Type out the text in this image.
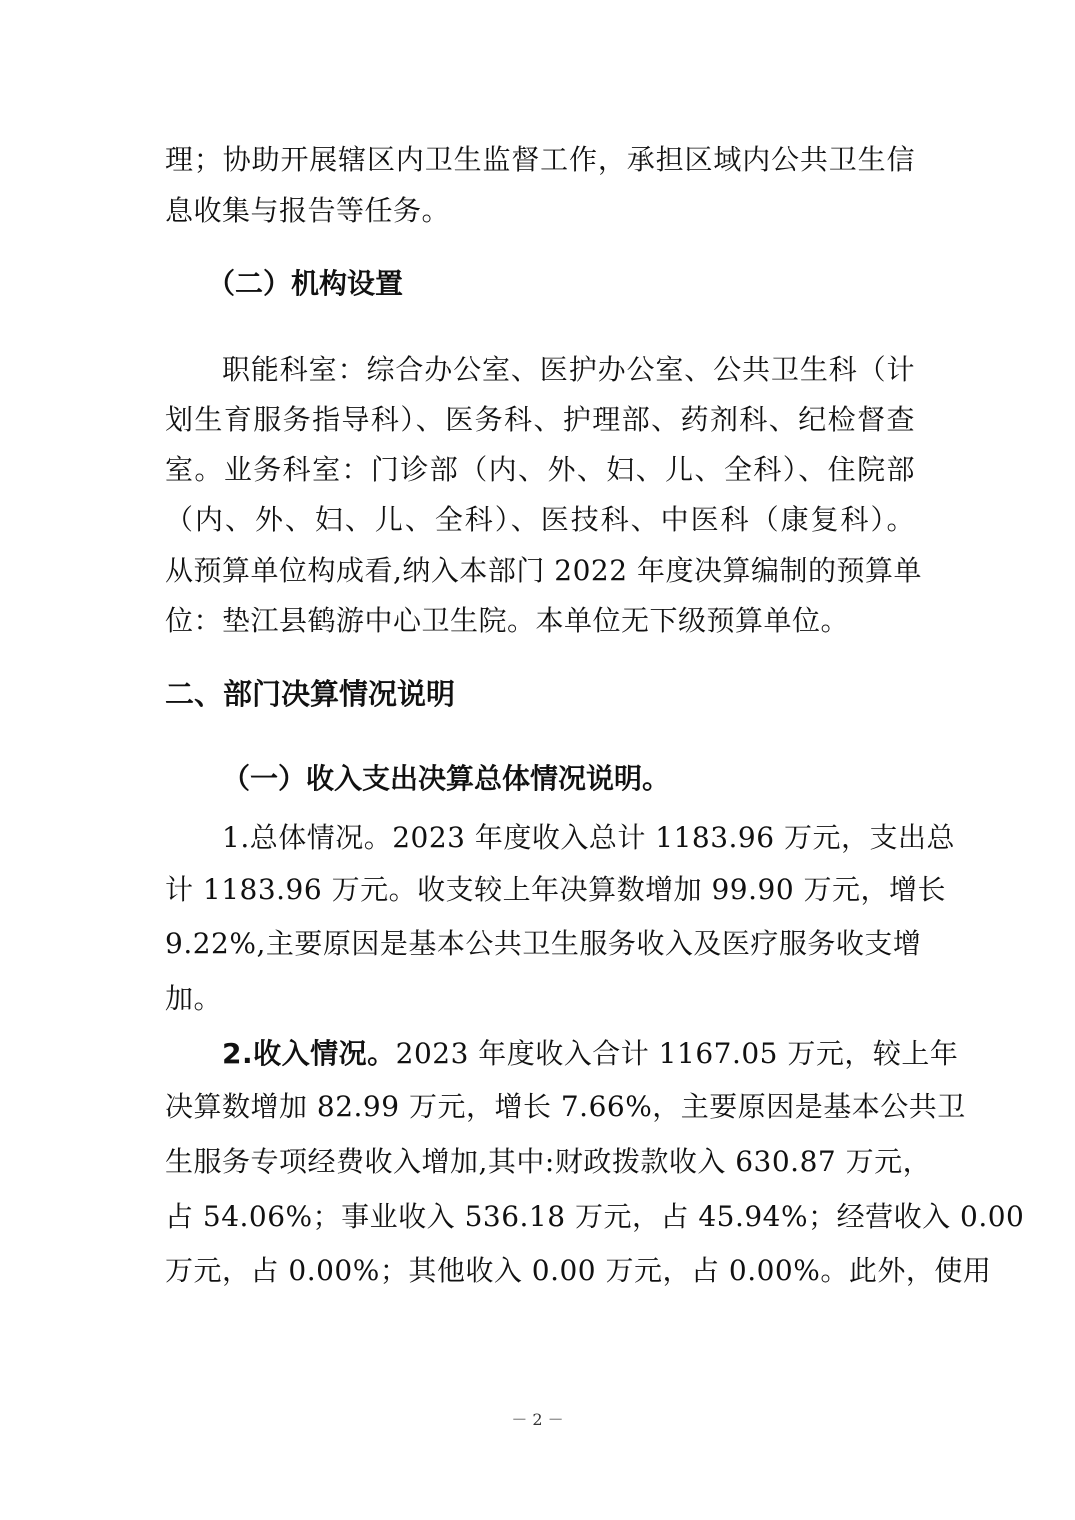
理；协助开展辖区内卫生监督工作，承担区域内公共卫生信
息收集与报告等任务。
（二）机构设置
职能科室：综合办公室、医护办公室、公共卫生科（计
划生育服务指导科）、医务科、护理部、药剂科、纪检督查
室。业务科室：门诊部（内、外、妇、儿、全科）、住院部
（内、外、妇、儿、全科）、医技科、中医科（康复科）。
从预算单位构成看,纳入本部门 2022 年度决算编制的预算单
位：垫江县鹤游中心卫生院。本单位无下级预算单位。
二、部门决算情况说明
（一）收入支出决算总体情况说明。
1.总体情况。2023 年度收入总计 1183.96 万元，支出总
计 1183.96 万元。收支较上年决算数增加 99.90 万元，增长
9.22%,主要原因是基本公共卫生服务收入及医疗服务收支增
加。
2.收入情况。2023 年度收入合计 1167.05 万元，较上年
决算数增加 82.99 万元，增长 7.66%，主要原因是基本公共卫
生服务专项经费收入增加,其中:财政拨款收入 630.87 万元，
占 54.06%；事业收入 536.18 万元，占 45.94%；经营收入 0.00
万元，占 0.00%；其他收入 0.00 万元，占 0.00%。此外，使用
－ 2 －
